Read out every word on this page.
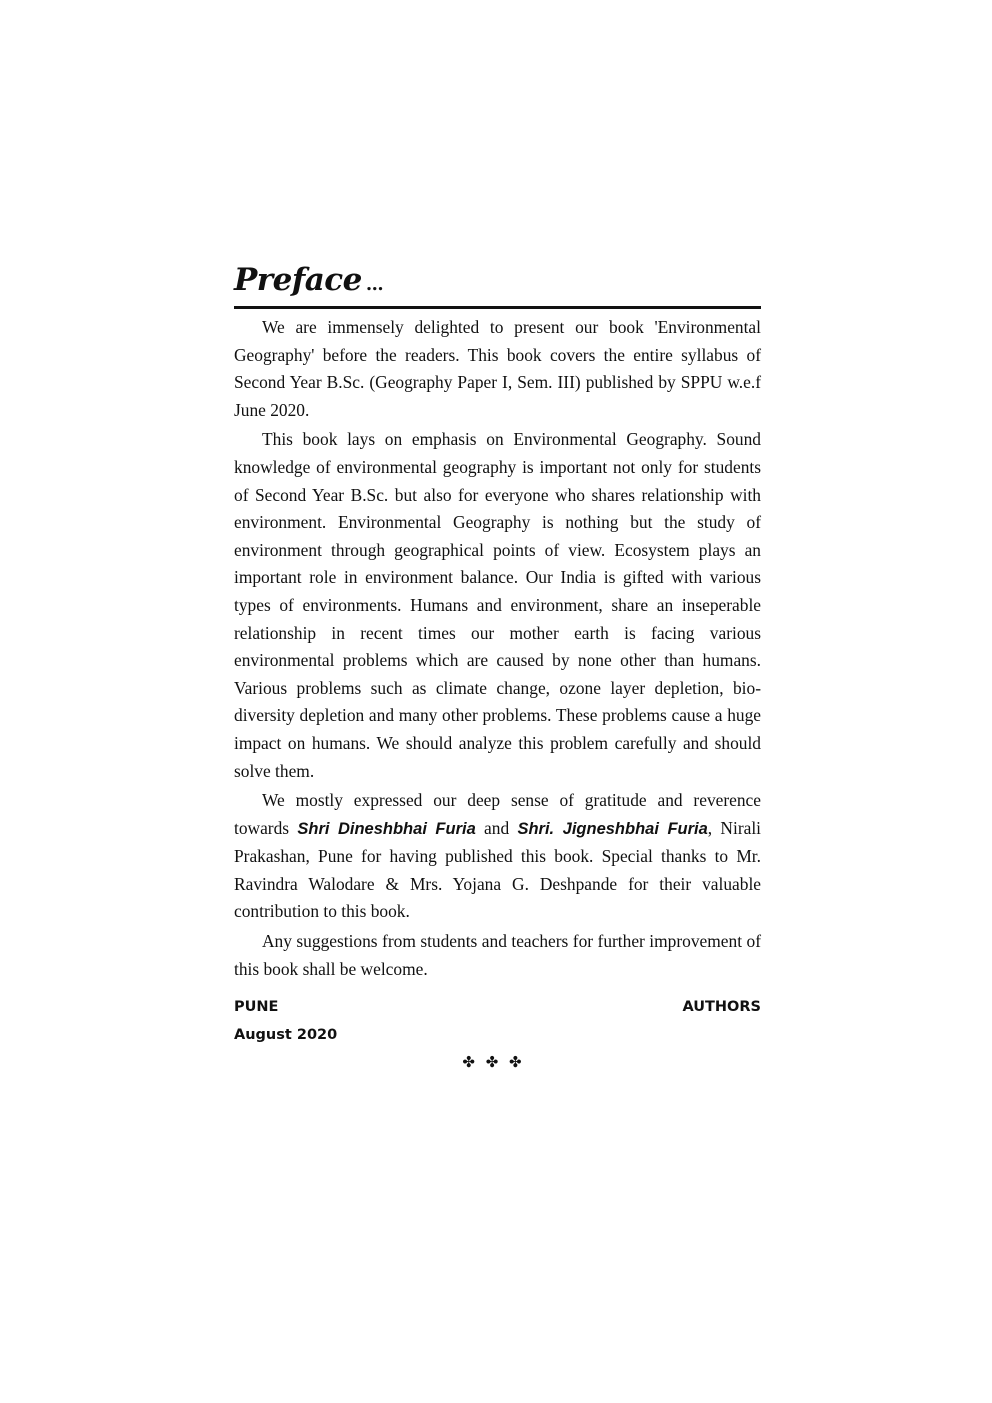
Preface ...

We are immensely delighted to present our book 'Environmental Geography' before the readers. This book covers the entire syllabus of Second Year B.Sc. (Geography Paper I, Sem. III) published by SPPU w.e.f June 2020.

This book lays on emphasis on Environmental Geography. Sound knowledge of environmental geography is important not only for students of Second Year B.Sc. but also for everyone who shares relationship with environment. Environmental Geography is nothing but the study of environment through geographical points of view. Ecosystem plays an important role in environment balance. Our India is gifted with various types of environments. Humans and environment, share an inseperable relationship in recent times our mother earth is facing various environmental problems which are caused by none other than humans. Various problems such as climate change, ozone layer depletion, bio-diversity depletion and many other problems. These problems cause a huge impact on humans. We should analyze this problem carefully and should solve them.

We mostly expressed our deep sense of gratitude and reverence towards Shri Dineshbhai Furia and Shri. Jigneshbhai Furia, Nirali Prakashan, Pune for having published this book. Special thanks to Mr. Ravindra Walodare & Mrs. Yojana G. Deshpande for their valuable contribution to this book.

Any suggestions from students and teachers for further improvement of this book shall be welcome.

PUNE	AUTHORS
August 2020
✤ ✤ ✤
